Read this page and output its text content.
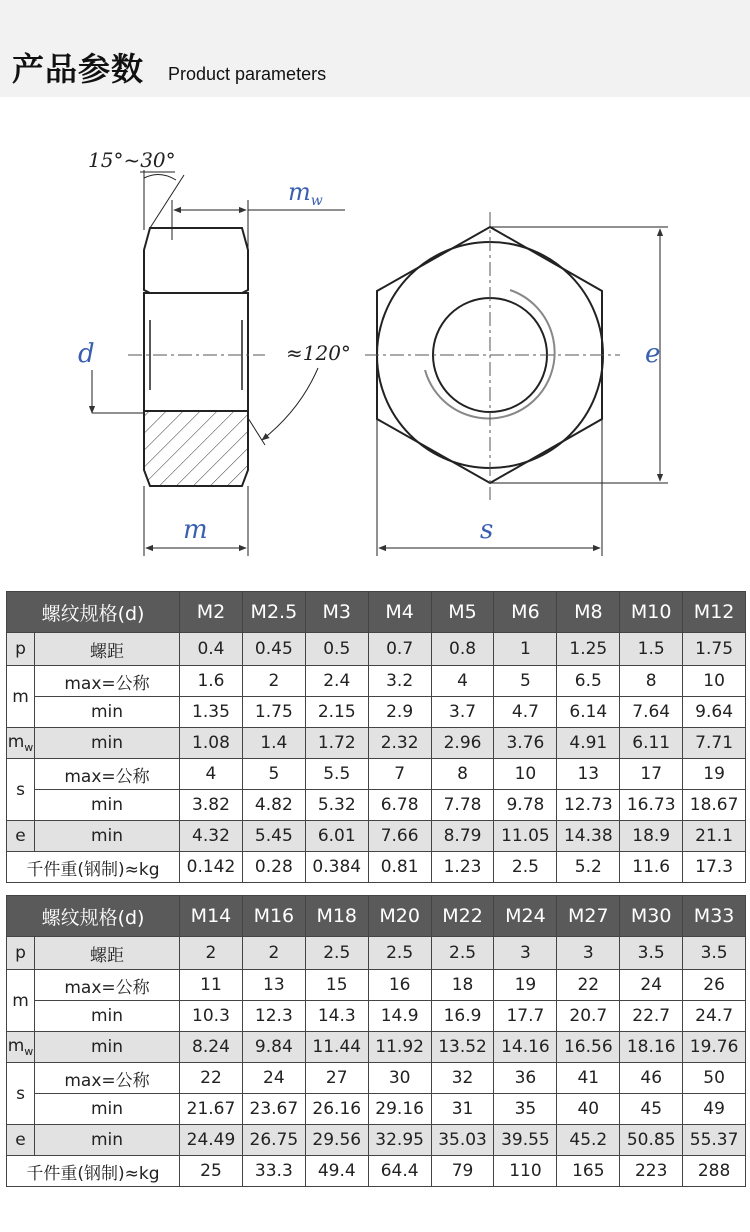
产品参数 Product parameters
15°~30°
$m_w$
d	≈120°
m
e
s
螺纹规格(d)		M2	M2.5	M3	M4	M5	M6	M8	M10	M12
p	螺距	0.4	0.45	0.5	0.7	0.8	1	1.25	1.5	1.75
m	max=公称	1.6	2	2.4	3.2	4	5	6.5	8	10
	min	1.35	1.75	2.15	2.9	3.7	4.7	6.14	7.64	9.64
$m_w$	min	1.08	1.4	1.72	2.32	2.96	3.76	4.91	6.11	7.71
s	max=公称	4	5	5.5	7	8	10	13	17	19
	min	3.82	4.82	5.32	6.78	7.78	9.78	12.73	16.73	18.67
e	min	4.32	5.45	6.01	7.66	8.79	11.05	14.38	18.9	21.1
千件重(钢制)≈kg		0.142	0.28	0.384	0.81	1.23	2.5	5.2	11.6	17.3
螺纹规格(d)		M14	M16	M18	M20	M22	M24	M27	M30	M33
p	螺距	2	2	2.5	2.5	2.5	3	3	3.5	3.5
m	max=公称	11	13	15	16	18	19	22	24	26
	min	10.3	12.3	14.3	14.9	16.9	17.7	20.7	22.7	24.7
$m_w$	min	8.24	9.84	11.44	11.92	13.52	14.16	16.56	18.16	19.76
s	max=公称	22	24	27	30	32	36	41	46	50
	min	21.67	23.67	26.16	29.16	31	35	40	45	49
e	min	24.49	26.75	29.56	32.95	35.03	39.55	45.2	50.85	55.37
千件重(钢制)≈kg		25	33.3	49.4	64.4	79	110	165	223	288
